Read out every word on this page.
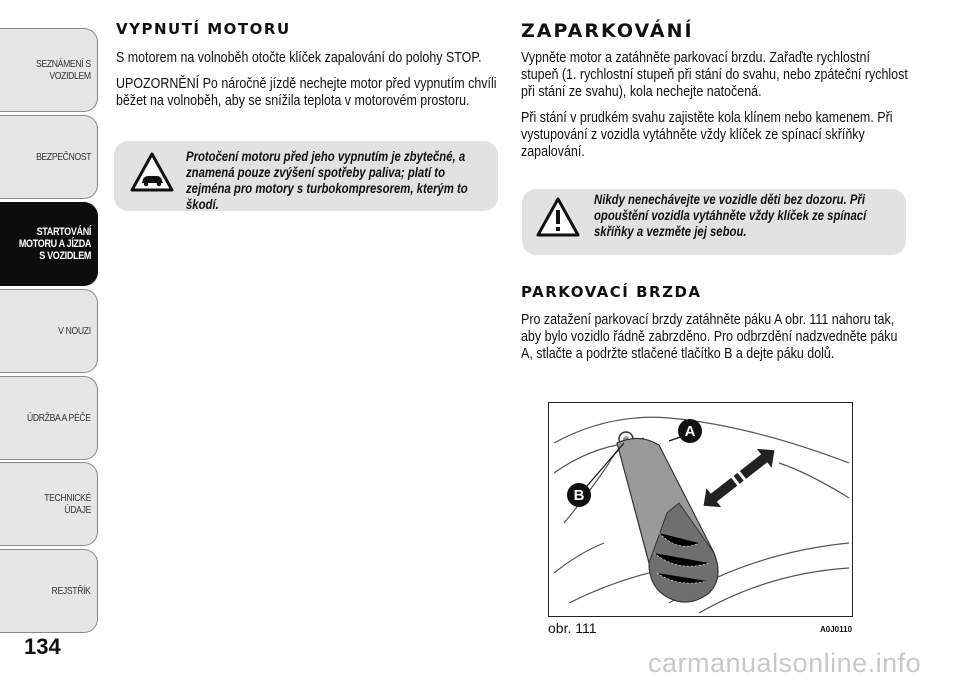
SEZNÁMENÍ S
VOZIDLEM
BEZPEČNOST
STARTOVÁNÍ
MOTORU A JÍZDA
S VOZIDLEM
V NOUZI
ÚDRŽBA A PÉČE
TECHNICKÉ ÚDAJE
REJSTŘÍK
134
VYPNUTÍ MOTORU

S motorem na volnoběh otočte klíček zapalování do polohy STOP.

UPOZORNĚNÍ Po náročně jízdě nechejte motor před vypnutím chvíli běžet na volnoběh, aby se snížila teplota v motorovém prostoru.

Protočení motoru před jeho vypnutím je zbytečné, a znamená pouze zvýšení spotřeby paliva; platí to zejména pro motory s turbokompresorem, kterým to škodí.
ZAPARKOVÁNÍ

Vypněte motor a zatáhněte parkovací brzdu. Zařaďte rychlostní stupeň (1. rychlostní stupeň při stání do svahu, nebo zpáteční rychlost při stání ze svahu), kola nechejte natočená.

Při stání v prudkém svahu zajistěte kola klínem nebo kamenem. Při vystupování z vozidla vytáhněte vždy klíček ze spínací skříňky zapalování.

Nikdy nenechávejte ve vozidle děti bez dozoru. Při opouštění vozidla vytáhněte vždy klíček ze spínací skříňky a vezměte jej sebou.
PARKOVACÍ BRZDA

Pro zatažení parkovací brzdy zatáhněte páku A obr. 111 nahoru tak, aby bylo vozidlo řádně zabrzděno. Pro odbrzdění nadzvedněte páku A, stlačte a podržte stlačené tlačítko B a dejte páku dolů.

A
B
obr. 111	A0J0110
carmanualsonline.info
